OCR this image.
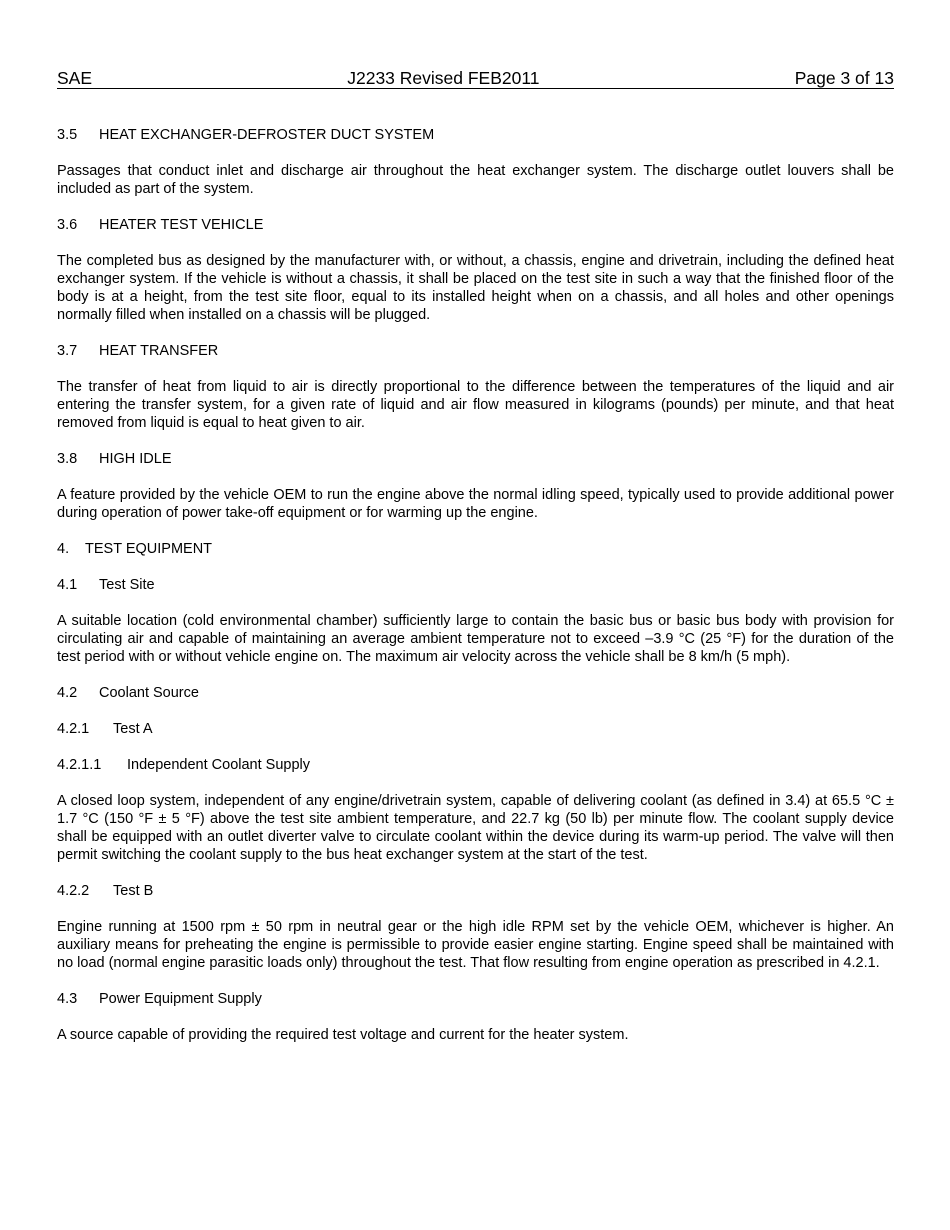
SAE	J2233 Revised FEB2011	Page 3 of 13
3.5 HEAT EXCHANGER-DEFROSTER DUCT SYSTEM

Passages that conduct inlet and discharge air throughout the heat exchanger system. The discharge outlet louvers shall be included as part of the system.

3.6 HEATER TEST VEHICLE

The completed bus as designed by the manufacturer with, or without, a chassis, engine and drivetrain, including the defined heat exchanger system. If the vehicle is without a chassis, it shall be placed on the test site in such a way that the finished floor of the body is at a height, from the test site floor, equal to its installed height when on a chassis, and all holes and other openings normally filled when installed on a chassis will be plugged.

3.7 HEAT TRANSFER

The transfer of heat from liquid to air is directly proportional to the difference between the temperatures of the liquid and air entering the transfer system, for a given rate of liquid and air flow measured in kilograms (pounds) per minute, and that heat removed from liquid is equal to heat given to air.

3.8 HIGH IDLE

A feature provided by the vehicle OEM to run the engine above the normal idling speed, typically used to provide additional power during operation of power take-off equipment or for warming up the engine.

4. TEST EQUIPMENT
4.1 Test Site

A suitable location (cold environmental chamber) sufficiently large to contain the basic bus or basic bus body with provision for circulating air and capable of maintaining an average ambient temperature not to exceed –3.9 °C (25 °F) for the duration of the test period with or without vehicle engine on. The maximum air velocity across the vehicle shall be 8 km/h (5 mph).

4.2 Coolant Source
4.2.1 Test A
4.2.1.1 Independent Coolant Supply

A closed loop system, independent of any engine/drivetrain system, capable of delivering coolant (as defined in 3.4) at 65.5 °C ± 1.7 °C (150 °F ± 5 °F) above the test site ambient temperature, and 22.7 kg (50 lb) per minute flow. The coolant supply device shall be equipped with an outlet diverter valve to circulate coolant within the device during its warm-up period. The valve will then permit switching the coolant supply to the bus heat exchanger system at the start of the test.

4.2.2 Test B

Engine running at 1500 rpm ± 50 rpm in neutral gear or the high idle RPM set by the vehicle OEM, whichever is higher. An auxiliary means for preheating the engine is permissible to provide easier engine starting. Engine speed shall be maintained with no load (normal engine parasitic loads only) throughout the test. That flow resulting from engine operation as prescribed in 4.2.1.

4.3 Power Equipment Supply

A source capable of providing the required test voltage and current for the heater system.
